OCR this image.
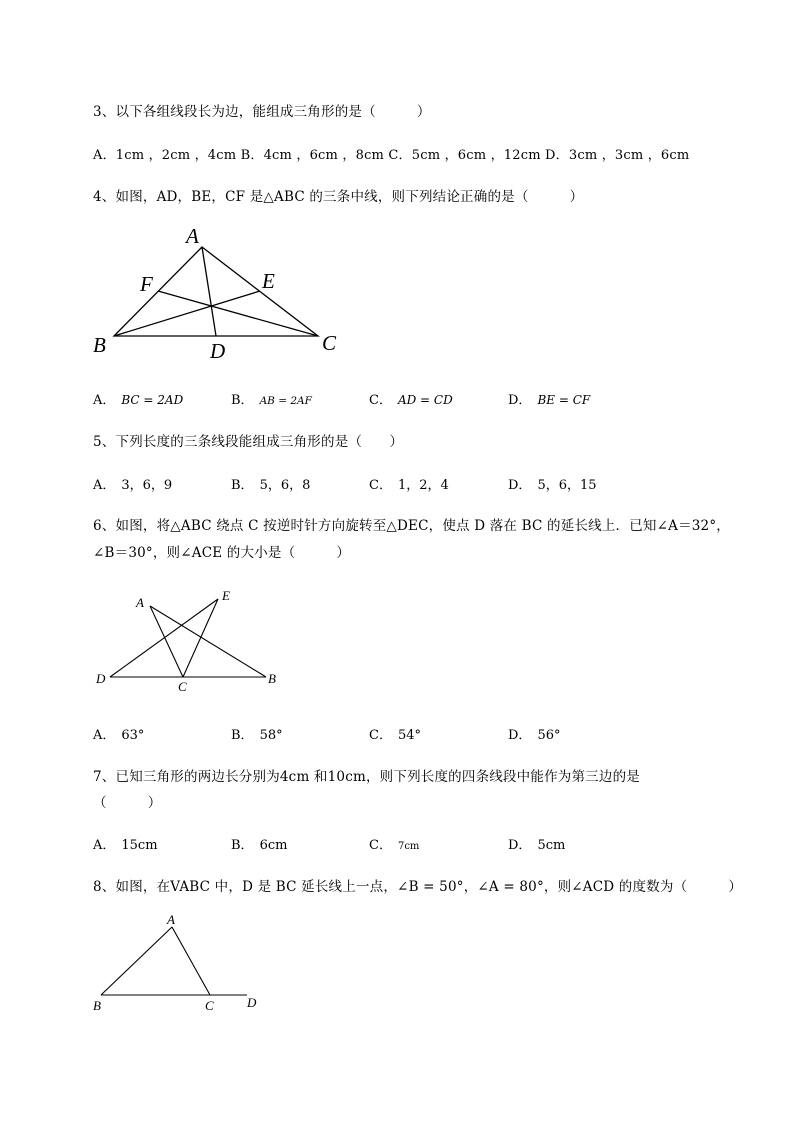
3、以下各组线段长为边，能组成三角形的是（　　　）
A．1cm ，2cm ，4cm B．4cm ，6cm ，8cm C．5cm ，6cm ，12cm D．3cm ，3cm ，6cm
4、如图，AD，BE，CF 是△ABC 的三条中线，则下列结论正确的是（　　　）
A
F	E
B	D	C
A． BC = 2AD	B． AB = 2AF	C． AD = CD	D． BE = CF
5、下列长度的三条线段能组成三角形的是（　　）
A． 3，6，9	B． 5，6，8	C． 1，2，4	D． 5，6，15
6、如图，将△ABC 绕点 C 按逆时针方向旋转至△DEC，使点 D 落在 BC 的延长线上．已知∠A＝32°，
∠B＝30°，则∠ACE 的大小是（　　　）
A	E
D
C
B
A． 63°	B． 58°	C． 54°	D． 56°
7、已知三角形的两边长分别为4cm 和10cm，则下列长度的四条线段中能作为第三边的是
（　　　）
A． 15cm	B． 6cm	C． 7cm	D． 5cm
8、如图，在VABC 中，D 是 BC 延长线上一点，∠B = 50°，∠A = 80°，则∠ACD 的度数为（　　　）
A
B	C	D
